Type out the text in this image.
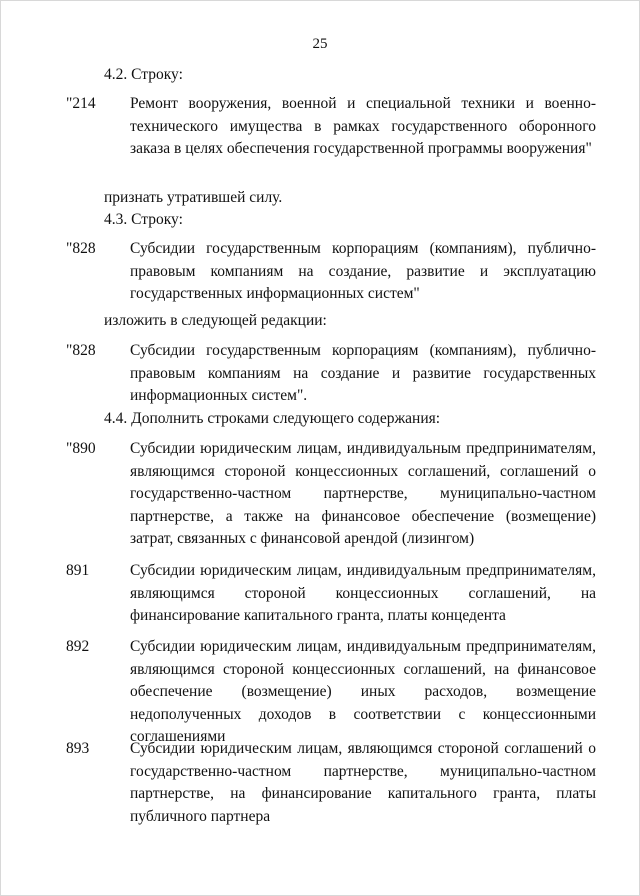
25
4.2. Строку:
"214 Ремонт вооружения, военной и специальной техники и военно-технического имущества в рамках государственного оборонного заказа в целях обеспечения государственной программы вооружения"
признать утратившей силу.
4.3. Строку:
"828 Субсидии государственным корпорациям (компаниям), публично-правовым компаниям на создание, развитие и эксплуатацию государственных информационных систем"
изложить в следующей редакции:
"828 Субсидии государственным корпорациям (компаниям), публично-правовым компаниям на создание и развитие государственных информационных систем".
4.4. Дополнить строками следующего содержания:
"890 Субсидии юридическим лицам, индивидуальным предпринимателям, являющимся стороной концессионных соглашений, соглашений о государственно-частном партнерстве, муниципально-частном партнерстве, а также на финансовое обеспечение (возмещение) затрат, связанных с финансовой арендой (лизингом)
891	Субсидии юридическим лицам, индивидуальным предпринимателям, являющимся стороной концессионных соглашений, на финансирование капитального гранта, платы концедента
892	Субсидии юридическим лицам, индивидуальным предпринимателям, являющимся стороной концессионных соглашений, на финансовое обеспечение (возмещение) иных расходов, возмещение недополученных доходов в соответствии с концессионными соглашениями
893	Субсидии юридическим лицам, являющимся стороной соглашений о государственно-частном партнерстве, муниципально-частном партнерстве, на финансирование капитального гранта, платы публичного партнера
